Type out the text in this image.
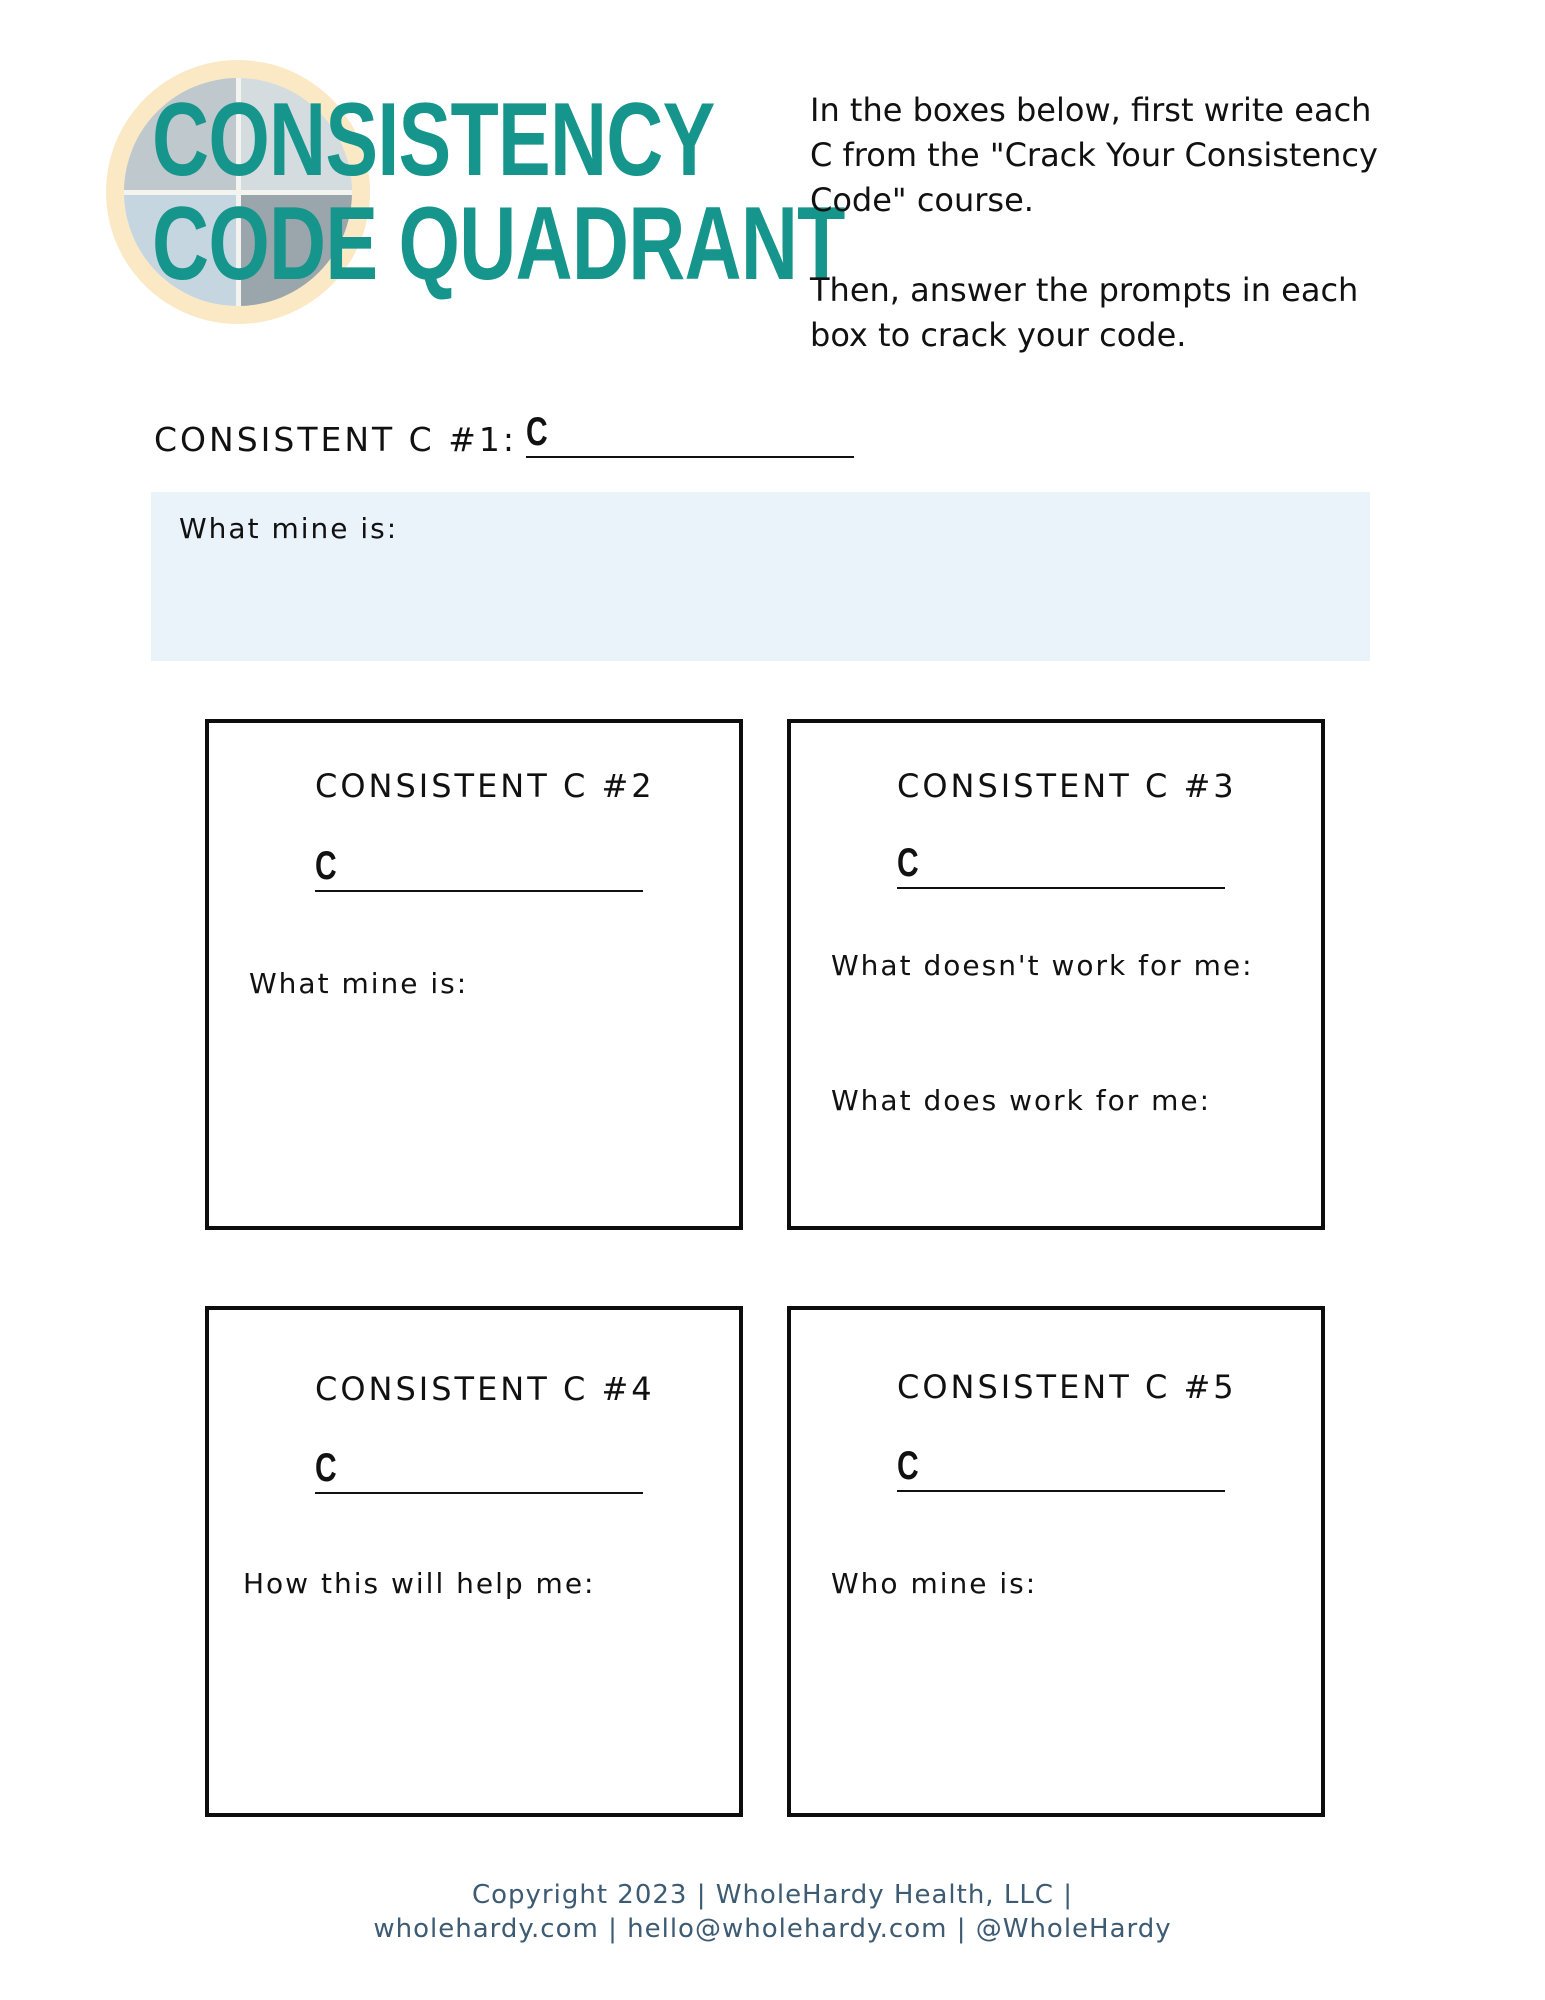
CONSISTENCY
CODE QUADRANT

In the boxes below, first write each
C from the "Crack Your Consistency
Code" course.

Then, answer the prompts in each
box to crack your code.

CONSISTENT C #1: C
What mine is:
CONSISTENT C #2
C
What mine is:
CONSISTENT C #3
C
What doesn't work for me:
What does work for me:
CONSISTENT C #4
C
How this will help me:
CONSISTENT C #5
C
Who mine is:
Copyright 2023 | WholeHardy Health, LLC |
wholehardy.com | hello@wholehardy.com | @WholeHardy
